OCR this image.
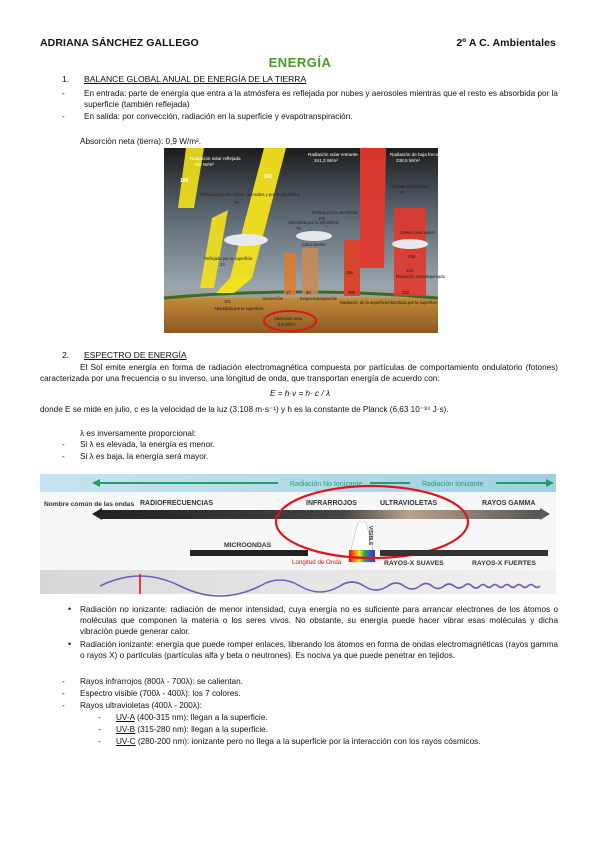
ADRIANA SÁNCHEZ GALLEGO	2º A C. Ambientales
ENERGÍA
1. BALANCE GLOBAL ANUAL DE ENERGÍA DE LA TIERRA
- En entrada: parte de energía que entra a la atmósfera es reflejada por nubes y aerosoles mientras que el resto es absorbida por la superficie (también reflejada)
- En salida: por convección, radiación en la superficie y evapotranspiración.
Absorción neta (tierra): 0,9 W/m².
Radiación solar reflejada
100 W/m²
Radiación solar entrante
341,3 W/m²
Radiación de baja frecuencia saliente
238,5 W/m²
Reflejada por las nubes, aerosoles y por la atmósfera
79
Absorbida por la atmósfera
78
Reflejada por la superficie
23
Calor latente
Emitida por la atmósfera
169
Ventana atmosférica
40
Gases invernadero
Radiación retrodispersada
333
356
239
161
17	80	396	333
Absorbida por la superficie
convección	Evapo-transpiración
Radiación de la superficie Absorbida por la superficie
Absorción neta
0,9 W/m²
341
100
2. ESPECTRO DE ENERGÍA
El Sol emite energía en forma de radiación electromagnética compuesta por partículas de comportamiento ondulatorio (fotones) caracterizada por una frecuencia o su inverso, una longitud de onda, que transportan energía de acuerdo con:
E = h·ν = h· c / λ
donde E se mide en julio, c es la velocidad de la luz (3.108 m·s⁻¹) y h es la constante de Planck (6,63 10⁻³⁴ J·s).
λ es inversamente proporcional:
- Si λ es elevada, la energía es menor.
- Si λ es baja, la energía será mayor.
Radiación No Ionizante	Radiación Ionizante
Nombre común de las ondas RADIOFRECUENCIAS	INFRARROJOS	ULTRAVIOLETAS	RAYOS GAMMA
VISIBLE
MICROONDAS
RAYOS-X SUAVES	RAYOS-X FUERTES
Longitud de Onda
• Radiación no ionizante: radiación de menor intensidad, cuya energía no es suficiente para arrancar electrones de los átomos o moléculas que componen la materia o los seres vivos. No obstante, su energía puede hacer vibrar esas moléculas y dicha vibración puede generar calor.
• Radiación ionizante: energía que puede romper enlaces, liberando los átomos en forma de ondas electromagnéticas (rayos gamma o rayos X) o partículas (partículas alfa y beta o neutrones). Es nociva ya que puede penetrar en tejidos.
- Rayos infrarrojos (800λ - 700λ): se calientan.
- Espectro visible (700λ - 400λ): los 7 colores.
- Rayos ultravioletas (400λ - 200λ):
- UV-A (400-315 nm): llegan a la superficie.
- UV-B (315-280 nm): llegan a la superficie.
- UV-C (280-200 nm): ionizante pero no llega a la superficie por la interacción con los rayos cósmicos.
